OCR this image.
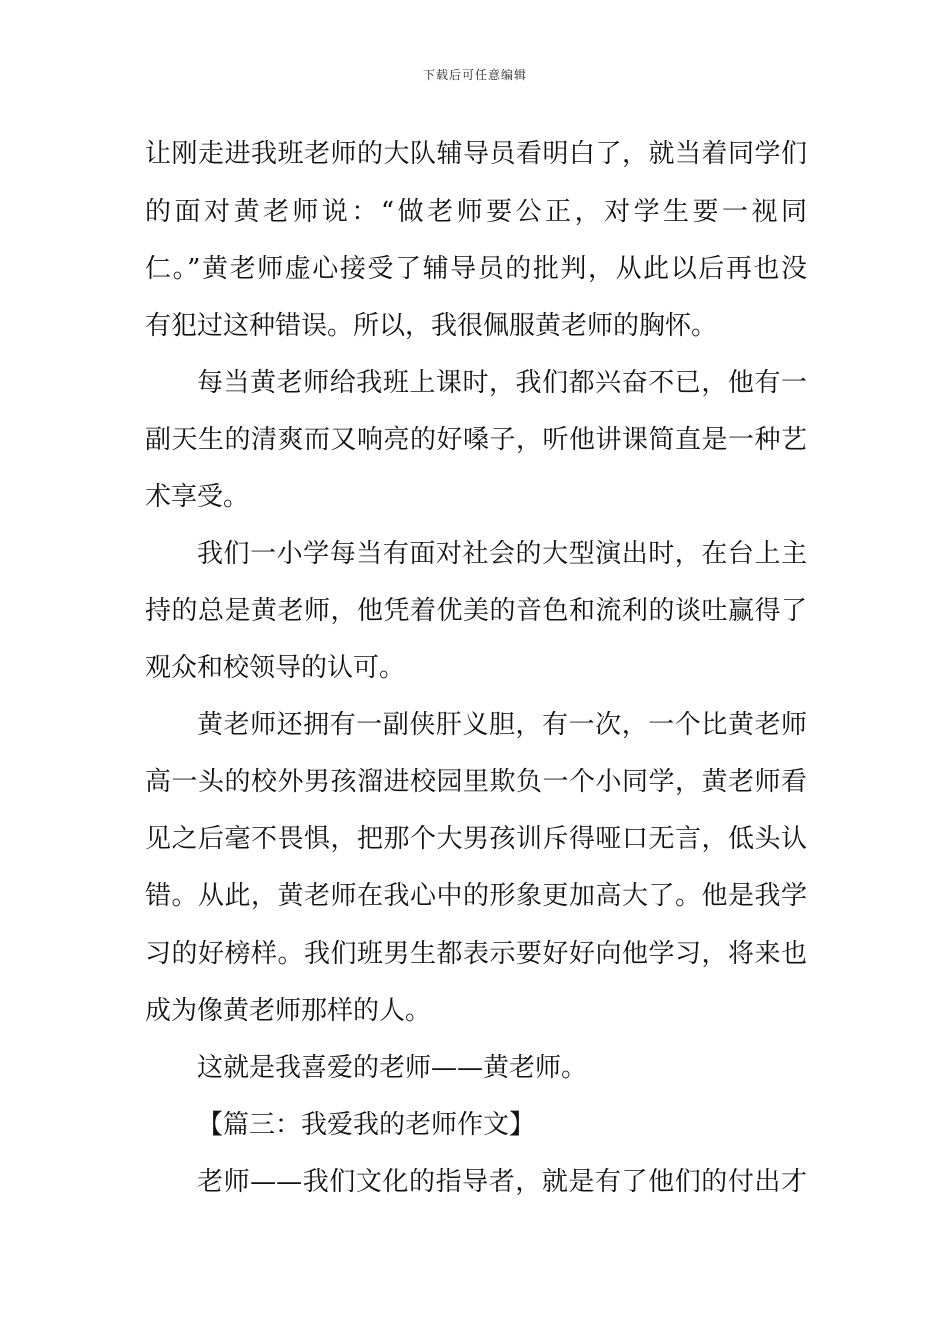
下载后可任意编辑
让刚走进我班老师的大队辅导员看明白了，就当着同学们
的面对黄老师说：“做老师要公正，对学生要一视同
仁。”黄老师虚心接受了辅导员的批判，从此以后再也没
有犯过这种错误。所以，我很佩服黄老师的胸怀。
每当黄老师给我班上课时，我们都兴奋不已，他有一
副天生的清爽而又响亮的好嗓子，听他讲课简直是一种艺
术享受。
我们一小学每当有面对社会的大型演出时，在台上主
持的总是黄老师，他凭着优美的音色和流利的谈吐赢得了
观众和校领导的认可。
黄老师还拥有一副侠肝义胆，有一次，一个比黄老师
高一头的校外男孩溜进校园里欺负一个小同学，黄老师看
见之后毫不畏惧，把那个大男孩训斥得哑口无言，低头认
错。从此，黄老师在我心中的形象更加高大了。他是我学
习的好榜样。我们班男生都表示要好好向他学习，将来也
成为像黄老师那样的人。
这就是我喜爱的老师——黄老师。
【篇三：我爱我的老师作文】
老师——我们文化的指导者，就是有了他们的付出才
